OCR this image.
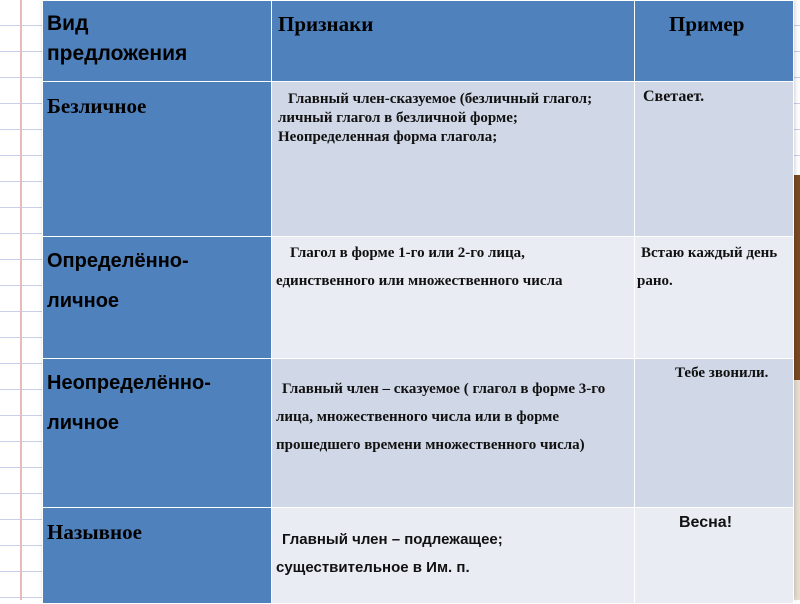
Вид предложения	Признаки	Пример

Безличное	Главный член-сказуемое (безличный глагол; личный глагол в безличной форме; Неопределенная форма глагола;	Светает.

Определённо-личное	Глагол в форме 1-го или 2-го лица, единственного или множественного числа	Встаю каждый день рано.

Неопределённо-личное	Главный член – сказуемое ( глагол в форме 3-го лица, множественного числа или в форме прошедшего времени множественного числа)	Тебе звонили.

Назывное	Главный член – подлежащее; существительное в Им. п.	Весна!
